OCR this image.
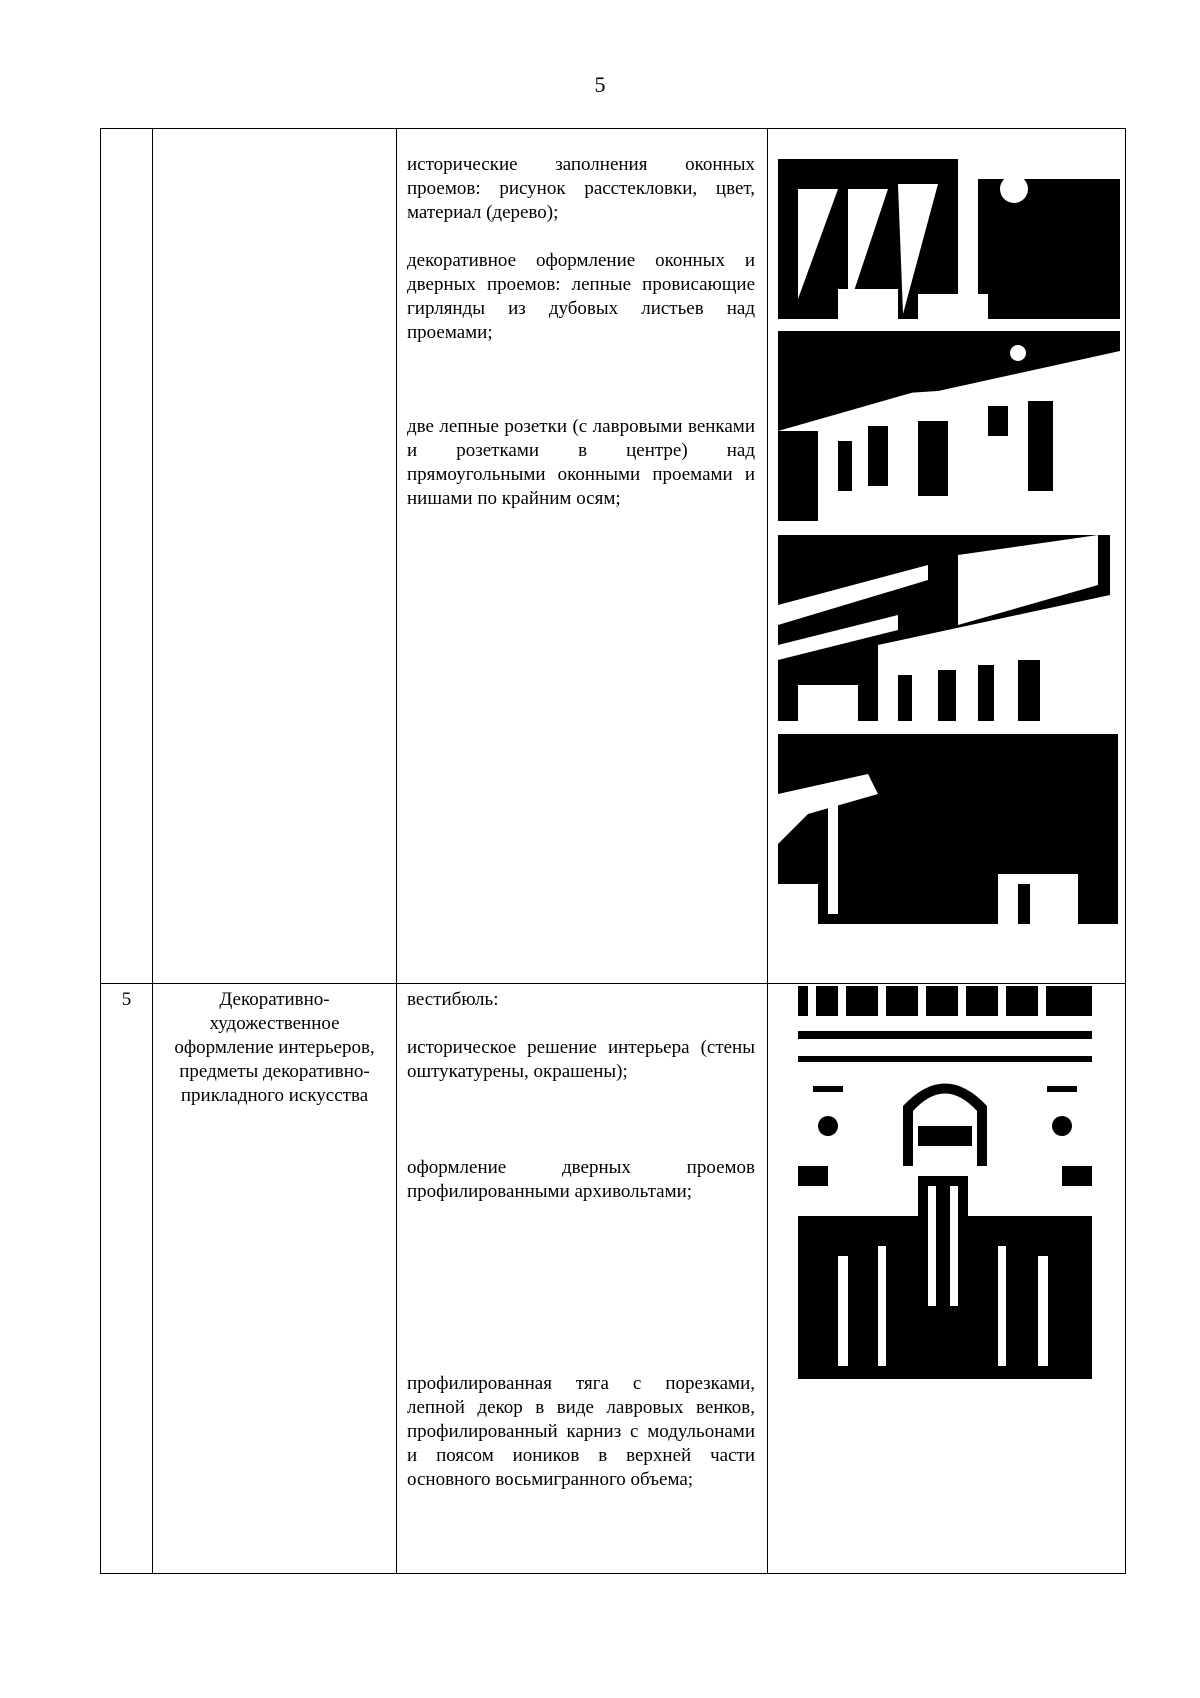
5

		исторические заполнения оконных проемов: рисунок расстекловки, цвет, материал (дерево);

декоративное оформление оконных и дверных проемов: лепные провисающие гирлянды из дубовых листьев над проемами;

две лепные розетки (с лавровыми венками и розетками в центре) над прямоугольными оконными проемами и нишами по крайним осям;

5	Декоративно-художественное оформление интерьеров, предметы декоративно-прикладного искусства	вестибюль:

историческое решение интерьера (стены оштукатурены, окрашены);

оформление дверных проемов профилированными архивольтами;

профилированная тяга с порезками, лепной декор в виде лавровых венков, профилированный карниз с модульонами и поясом иоников в верхней части основного восьмигранного объема;
